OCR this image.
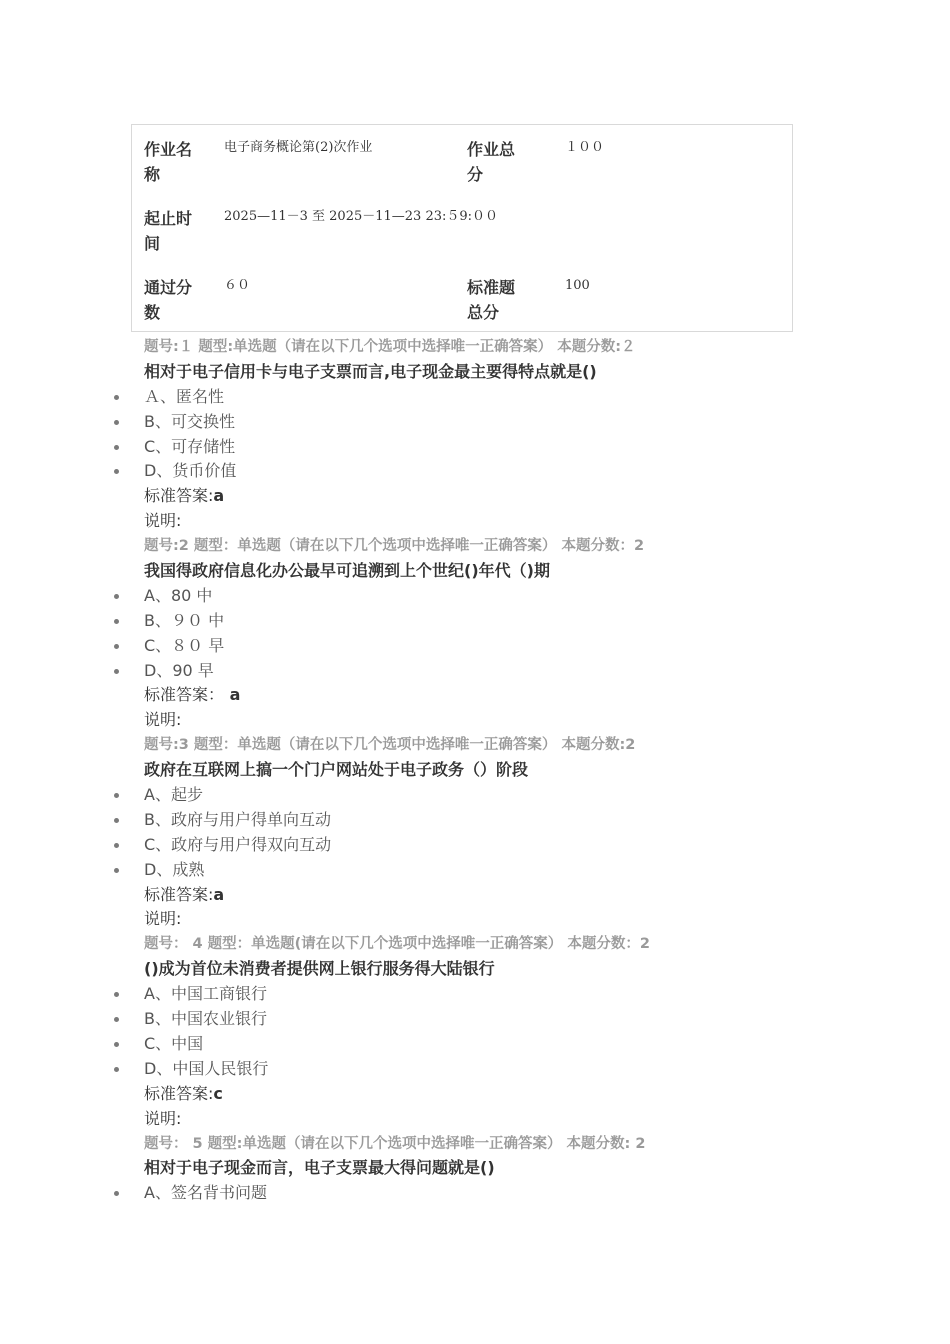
作业名称
电子商务概论第(2)次作业	作业总分
１００
起止时间
2025—11－3 至 2025－11—23 23:５9:００
通过分数
６０	标准题总分
100
题号:１ 题型:单选题（请在以下几个选项中选择唯一正确答案） 本题分数:２
相对于电子信用卡与电子支票而言,电子现金最主要得特点就是()
Ａ、匿名性
B、可交换性
C、可存储性
D、货币价值
标准答案:a
说明:
题号:2 题型：单选题（请在以下几个选项中选择唯一正确答案） 本题分数：2
我国得政府信息化办公最早可追溯到上个世纪()年代（)期
A、80 中
B、９０ 中
C、８０ 早
D、90 早
标准答案： a
说明:
题号:3 题型：单选题（请在以下几个选项中选择唯一正确答案） 本题分数:2
政府在互联网上搞一个门户网站处于电子政务（）阶段
A、起步
B、政府与用户得单向互动
C、政府与用户得双向互动
D、成熟
标准答案:a
说明:
题号： 4 题型：单选题(请在以下几个选项中选择唯一正确答案） 本题分数：2
()成为首位未消费者提供网上银行服务得大陆银行
A、中国工商银行
B、中国农业银行
C、中国
D、中国人民银行
标准答案:c
说明:
题号： 5 题型:单选题（请在以下几个选项中选择唯一正确答案） 本题分数: 2
相对于电子现金而言，电子支票最大得问题就是()
A、签名背书问题
